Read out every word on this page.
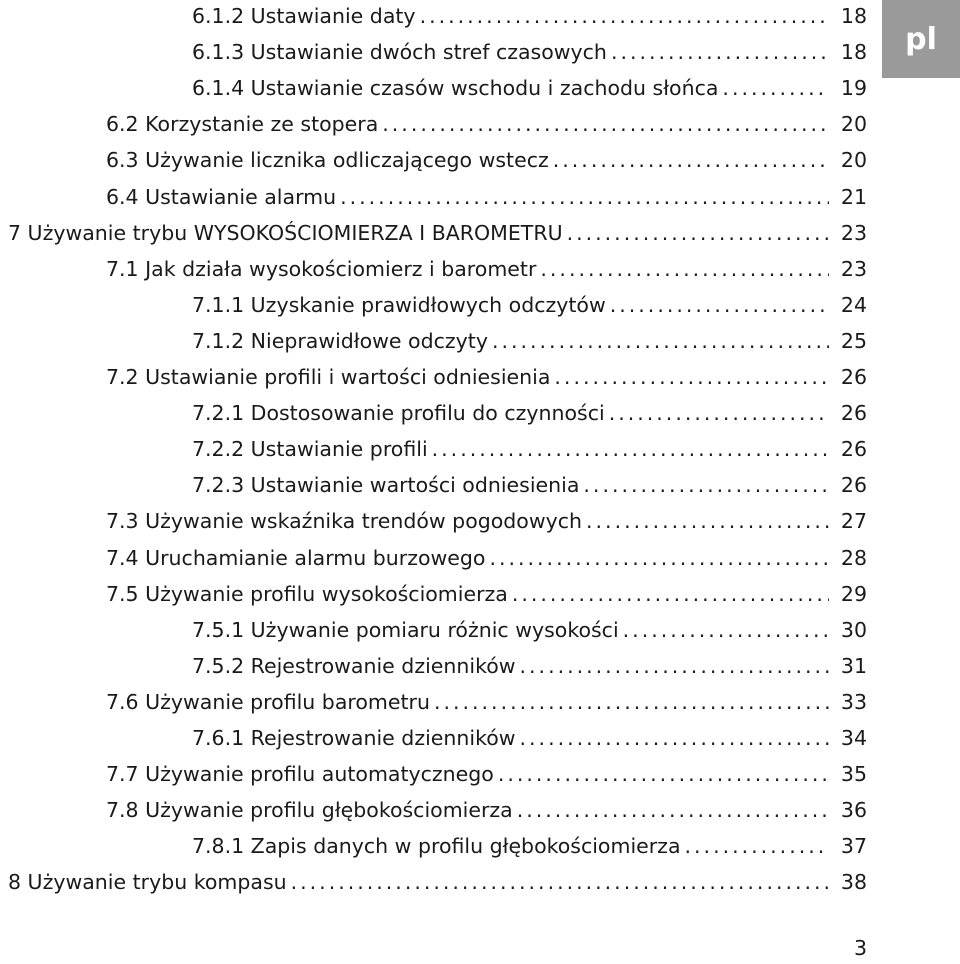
6.1.2 Ustawianie daty .....	18
6.1.3 Ustawianie dwóch stref czasowych .....	18
6.1.4 Ustawianie czasów wschodu i zachodu słońca .....	19
6.2 Korzystanie ze stopera .....	20
6.3 Używanie licznika odliczającego wstecz .....	20
6.4 Ustawianie alarmu .....	21
7 Używanie trybu WYSOKOŚCIOMIERZA I BAROMETRU .....	23
7.1 Jak działa wysokościomierz i barometr .....	23
7.1.1 Uzyskanie prawidłowych odczytów .....	24
7.1.2 Nieprawidłowe odczyty .....	25
7.2 Ustawianie profili i wartości odniesienia .....	26
7.2.1 Dostosowanie profilu do czynności .....	26
7.2.2 Ustawianie profili .....	26
7.2.3 Ustawianie wartości odniesienia .....	26
7.3 Używanie wskaźnika trendów pogodowych .....	27
7.4 Uruchamianie alarmu burzowego .....	28
7.5 Używanie profilu wysokościomierza .....	29
7.5.1 Używanie pomiaru różnic wysokości .....	30
7.5.2 Rejestrowanie dzienników .....	31
7.6 Używanie profilu barometru .....	33
7.6.1 Rejestrowanie dzienników .....	34
7.7 Używanie profilu automatycznego .....	35
7.8 Używanie profilu głębokościomierza .....	36
7.8.1 Zapis danych w profilu głębokościomierza .....	37
8 Używanie trybu kompasu .....	38
pl
3
